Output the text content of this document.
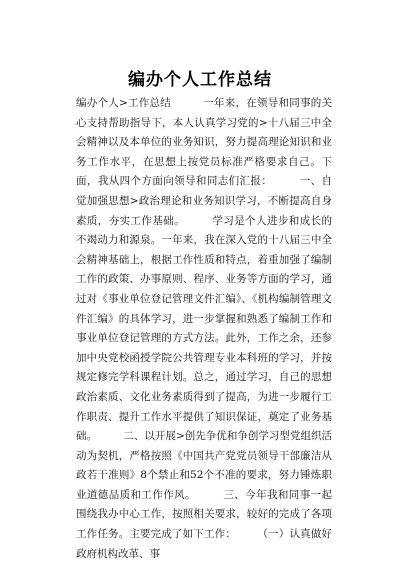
编办个人工作总结

编办个人>工作总结　　　一年来，在领导和同事的关心支持帮助指导下，本人认真学习党的>十八届三中全会精神以及本单位的业务知识，努力提高理论知识和业务工作水平，在思想上按党员标准严格要求自己。下面，我从四个方面向领导和同志们汇报：　　　一、自觉加强思想>政治理论和业务知识学习，不断提高自身素质，夯实工作基础。　　　学习是个人进步和成长的不竭动力和源泉。一年来，我在深入党的十八届三中全会精神基础上，根据工作性质和特点，着重加强了编制工作的政策、办事原则、程序、业务等方面的学习，通过对《事业单位登记管理文件汇编》、《机构编制管理文件汇编》的具体学习，进一步掌握和熟悉了编制工作和事业单位登记管理的方式方法。此外，工作之余，还参加中央党校函授学院公共管理专业本科班的学习，并按规定修完学科课程计划。总之，通过学习，自己的思想政治素质、文化业务素质得到了提高，为进一步履行工作职责、提升工作水平提供了知识保证，奠定了业务基础。　　　二、以开展>创先争优和争创学习型党组织活动为契机，严格按照《中国共产党党员领导干部廉洁从政若干准则》8个禁止和52个不准的要求，努力锤炼职业道德品质和工作作风。　　　三、今年我和同事一起围绕我办中心工作，按照相关要求，较好的完成了各项工作任务。主要完成了如下工作：　　　（一）认真做好政府机构改革、事
